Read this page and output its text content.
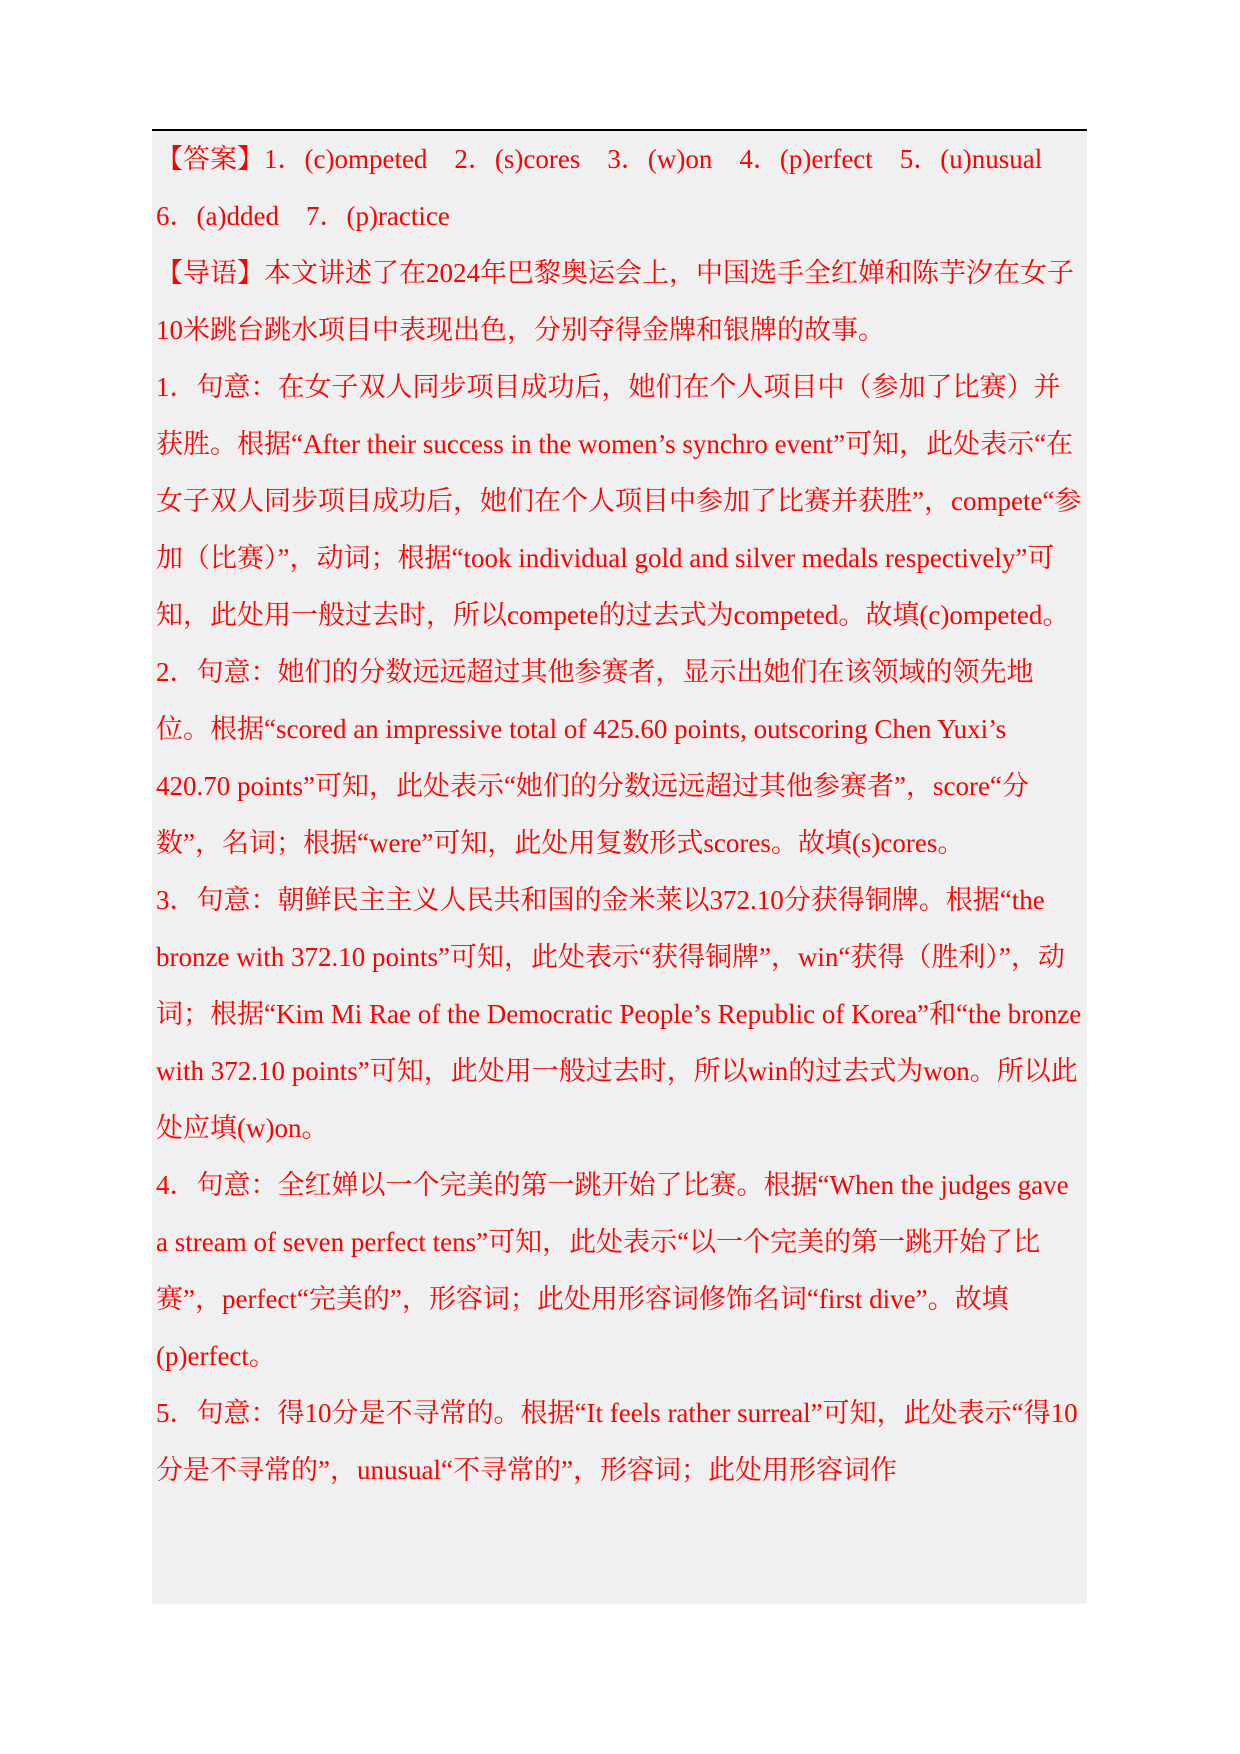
【答案】1．(c)ompeted　2．(s)cores　3．(w)on　4．(p)erfect　5．(u)nusual　6．(a)dded　7．(p)ractice

【导语】本文讲述了在2024年巴黎奥运会上，中国选手全红婵和陈芋汐在女子10米跳台跳水项目中表现出色，分别夺得金牌和银牌的故事。

1．句意：在女子双人同步项目成功后，她们在个人项目中（参加了比赛）并获胜。根据“After their success in the women’s synchro event”可知，此处表示“在女子双人同步项目成功后，她们在个人项目中参加了比赛并获胜”，compete“参加（比赛）”，动词；根据“took individual gold and silver medals respectively”可知，此处用一般过去时，所以compete的过去式为competed。故填(c)ompeted。

2．句意：她们的分数远远超过其他参赛者，显示出她们在该领域的领先地位。根据“scored an impressive total of 425.60 points, outscoring Chen Yuxi’s 420.70 points”可知，此处表示“她们的分数远远超过其他参赛者”，score“分数”，名词；根据“were”可知，此处用复数形式scores。故填(s)cores。

3．句意：朝鲜民主主义人民共和国的金米莱以372.10分获得铜牌。根据“the bronze with 372.10 points”可知，此处表示“获得铜牌”，win“获得（胜利）”，动词；根据“Kim Mi Rae of the Democratic People’s Republic of Korea”和“the bronze with 372.10 points”可知，此处用一般过去时，所以win的过去式为won。所以此处应填(w)on。

4．句意：全红婵以一个完美的第一跳开始了比赛。根据“When the judges gave a stream of seven perfect tens”可知，此处表示“以一个完美的第一跳开始了比赛”，perfect“完美的”，形容词；此处用形容词修饰名词“first dive”。故填(p)erfect。

5．句意：得10分是不寻常的。根据“It feels rather surreal”可知，此处表示“得10分是不寻常的”，unusual“不寻常的”，形容词；此处用形容词作
